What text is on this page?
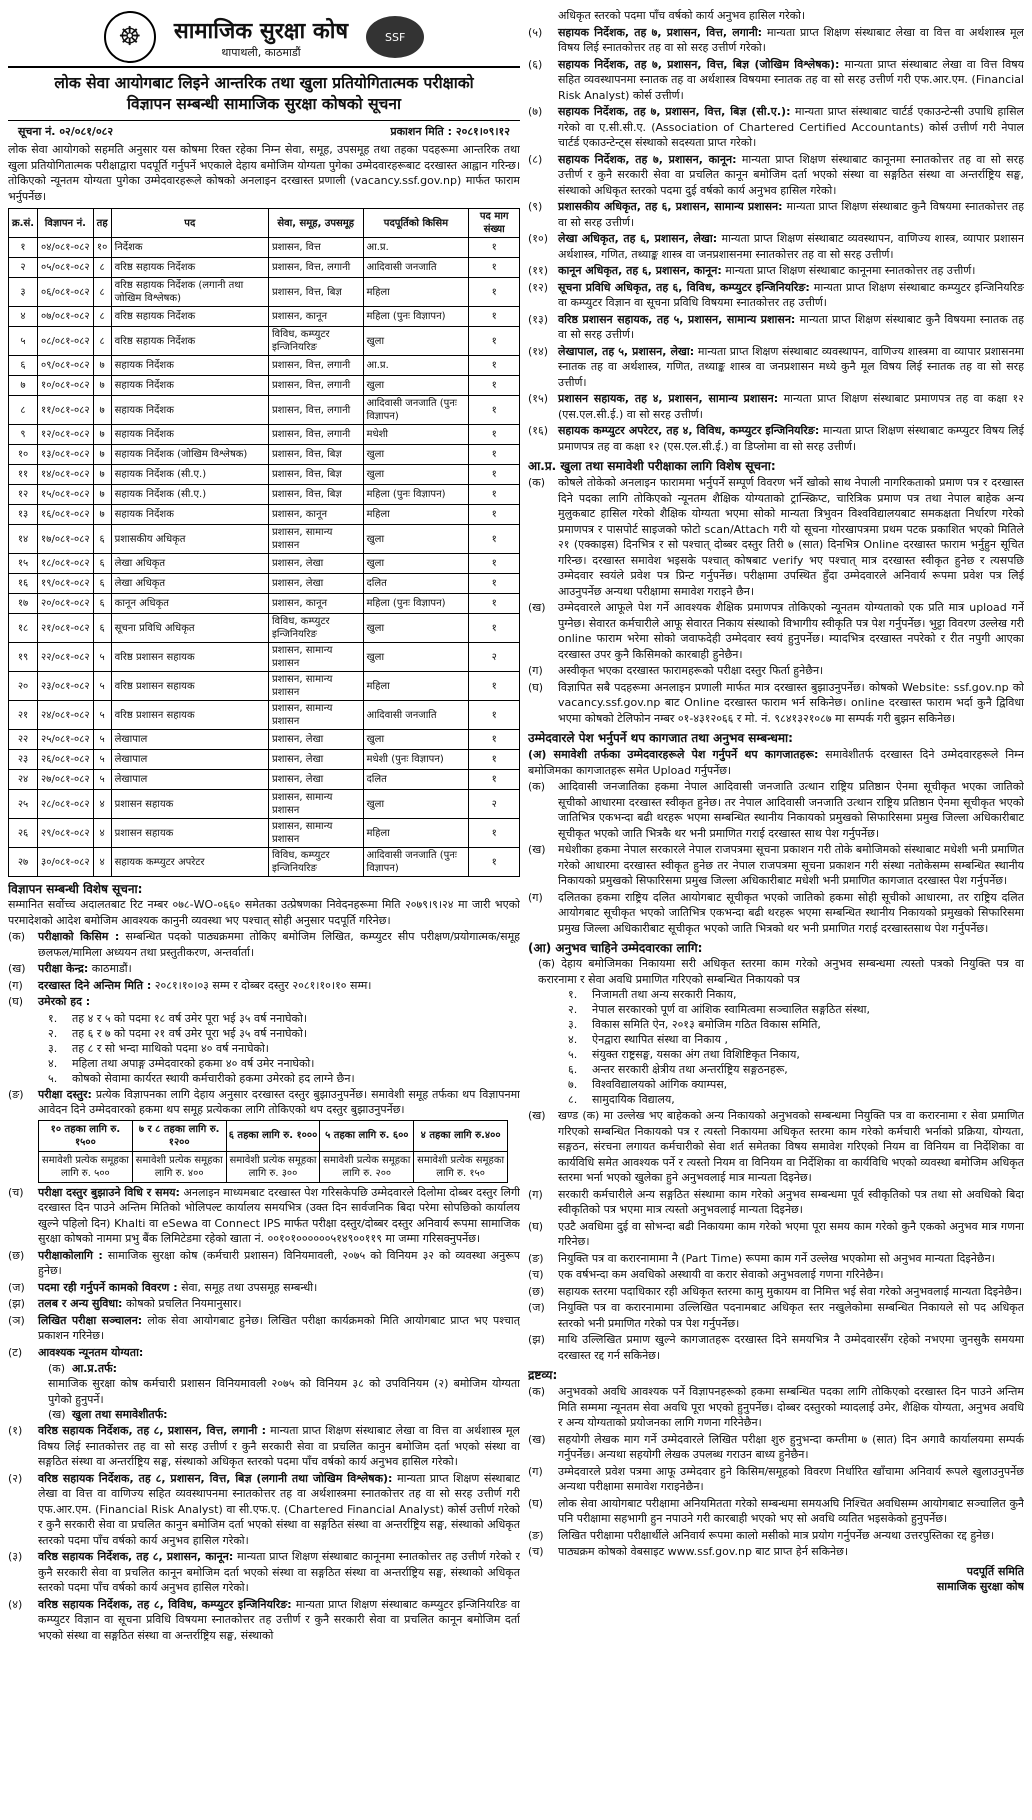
☸	सामाजिक सुरक्षा कोष
थापाथली, काठमाडौं
SSF
लोक सेवा आयोगबाट लिइने आन्तरिक तथा खुला प्रतियोगितात्मक परीक्षाको
विज्ञापन सम्बन्धी सामाजिक सुरक्षा कोषको सूचना
सूचना नं. ०२/०८१/०८२	प्रकाशन मिति : २०८१।०९।१२

लोक सेवा आयोगको सहमति अनुसार यस कोषमा रिक्त रहेका निम्न सेवा, समूह, उपसमूह तथा तहका पदहरूमा आन्तरिक तथा खुला प्रतियोगितात्मक परीक्षाद्वारा पदपूर्ति गर्नुपर्ने भएकाले देहाय बमोजिम योग्यता पुगेका उम्मेदवारहरूबाट दरखास्त आह्वान गरिन्छ। तोकिएको न्यूनतम योग्यता पुगेका उम्मेदवारहरूले कोषको अनलाइन दरखास्त प्रणाली (vacancy.ssf.gov.np) मार्फत फाराम भर्नुपर्नेछ।

क्र.सं.	विज्ञापन नं.	तह	पद	सेवा, समूह, उपसमूह	पदपूर्तिको किसिम	पद माग संख्या
१	०४/०८१-०८२	१०	निर्देशक	प्रशासन, वित्त	आ.प्र.	१
२	०५/०८१-०८२	८	वरिष्ठ सहायक निर्देशक	प्रशासन, वित्त, लगानी	आदिवासी जनजाति	१
३	०६/०८१-०८२	८	वरिष्ठ सहायक निर्देशक (लगानी तथा जोखिम विश्लेषक)	प्रशासन, वित्त, बिज्ञ	महिला	१
४	०७/०८१-०८२	८	वरिष्ठ सहायक निर्देशक	प्रशासन, कानून	महिला (पुनः विज्ञापन)	१
५	०८/०८१-०८२	८	वरिष्ठ सहायक निर्देशक	विविध, कम्प्युटर इन्जिनियरिङ	खुला	१
६	०९/०८१-०८२	७	सहायक निर्देशक	प्रशासन, वित्त, लगानी	आ.प्र.	१
७	१०/०८१-०८२	७	सहायक निर्देशक	प्रशासन, वित्त, लगानी	खुला	१
८	११/०८१-०८२	७	सहायक निर्देशक	प्रशासन, वित्त, लगानी	आदिवासी जनजाति (पुनः विज्ञापन)	१
९	१२/०८१-०८२	७	सहायक निर्देशक	प्रशासन, वित्त, लगानी	मधेशी	१
१०	१३/०८१-०८२	७	सहायक निर्देशक (जोखिम विश्लेषक)	प्रशासन, वित्त, बिज्ञ	खुला	१
११	१४/०८१-०८२	७	सहायक निर्देशक (सी.ए.)	प्रशासन, वित्त, बिज्ञ	खुला	१
१२	१५/०८१-०८२	७	सहायक निर्देशक (सी.ए.)	प्रशासन, वित्त, बिज्ञ	महिला (पुनः विज्ञापन)	१
१३	१६/०८१-०८२	७	सहायक निर्देशक	प्रशासन, कानून	महिला	१
१४	१७/०८१-०८२	६	प्रशासकीय अधिकृत	प्रशासन, सामान्य प्रशासन	खुला	१
१५	१८/०८१-०८२	६	लेखा अधिकृत	प्रशासन, लेखा	खुला	१
१६	१९/०८१-०८२	६	लेखा अधिकृत	प्रशासन, लेखा	दलित	१
१७	२०/०८१-०८२	६	कानून अधिकृत	प्रशासन, कानून	महिला (पुनः विज्ञापन)	१
१८	२१/०८१-०८२	६	सूचना प्रविधि अधिकृत	विविध, कम्प्युटर इन्जिनियरिङ	खुला	१
१९	२२/०८१-०८२	५	वरिष्ठ प्रशासन सहायक	प्रशासन, सामान्य प्रशासन	खुला	२
२०	२३/०८१-०८२	५	वरिष्ठ प्रशासन सहायक	प्रशासन, सामान्य प्रशासन	महिला	१
२१	२४/०८१-०८२	५	वरिष्ठ प्रशासन सहायक	प्रशासन, सामान्य प्रशासन	आदिवासी जनजाति	१
२२	२५/०८१-०८२	५	लेखापाल	प्रशासन, लेखा	खुला	१
२३	२६/०८१-०८२	५	लेखापाल	प्रशासन, लेखा	मधेशी (पुनः विज्ञापन)	१
२४	२७/०८१-०८२	५	लेखापाल	प्रशासन, लेखा	दलित	१
२५	२८/०८१-०८२	४	प्रशासन सहायक	प्रशासन, सामान्य प्रशासन	खुला	२
२६	२९/०८१-०८२	४	प्रशासन सहायक	प्रशासन, सामान्य प्रशासन	महिला	१
२७	३०/०८१-०८२	४	सहायक कम्प्युटर अपरेटर	विविध, कम्प्युटर इन्जिनियरिङ	आदिवासी जनजाति (पुनः विज्ञापन)	१
विज्ञापन सम्बन्धी विशेष सूचना:

सम्मानित सर्वोच्च अदालतबाट रिट नम्बर ०७८-WO-०६६० समेतका उत्प्रेषणका निवेदनहरूमा मिति २०७९।९।२४ मा जारी भएको परमादेशको आदेश बमोजिम आवश्यक कानुनी व्यवस्था भए पश्चात् सोही अनुसार पदपूर्ति गरिनेछ।

(क)	परीक्षाको किसिम : सम्बन्धित पदको पाठ्यक्रममा तोकिए बमोजिम लिखित, कम्प्युटर सीप परीक्षण/प्रयोगात्मक/समूह छलफल/मामिला अध्ययन तथा प्रस्तुतीकरण, अन्तर्वार्ता।
(ख)	परीक्षा केन्द्र: काठमाडौं।
(ग)	दरखास्त दिने अन्तिम मिति : २०८१।१०।०३ सम्म र दोब्बर दस्तुर २०८१।१०।१० सम्म।
(घ)	उमेरको हद :
१.	तह ४ र ५ को पदमा १८ वर्ष उमेर पूरा भई ३५ वर्ष ननाघेको।
२.	तह ६ र ७ को पदमा २१ वर्ष उमेर पूरा भई ३५ वर्ष ननाघेको।
३.	तह ८ र सो भन्दा माथिको पदमा ४० वर्ष ननाघेको।
४.	महिला तथा अपाङ्ग उम्मेदवारको हकमा ४० वर्ष उमेर ननाघेको।
५.	कोषको सेवामा कार्यरत स्थायी कर्मचारीको हकमा उमेरको हद लाग्ने छैन।
(ङ)	परीक्षा दस्तुर: प्रत्येक विज्ञापनका लागि देहाय अनुसार दरखास्त दस्तुर बुझाउनुपर्नेछ। समावेशी समूह तर्फका थप विज्ञापनमा आवेदन दिने उम्मेदवारको हकमा थप समूह प्रत्येकका लागि तोकिएको थप दस्तुर बुझाउनुपर्नेछ।
१० तहका लागि रु. १५००	७ र ८ तहका लागि रु. १२००	६ तहका लागि रु. १०००	५ तहका लागि रु. ६००	४ तहका लागि रु.४००
समावेशी प्रत्येक समूहका लागि रु. ५००	समावेशी प्रत्येक समूहका लागि रु. ४००	समावेशी प्रत्येक समूहका लागि रु. ३००	समावेशी प्रत्येक समूहका लागि रु. २००	समावेशी प्रत्येक समूहका लागि रु. १५०
(च)	परीक्षा दस्तुर बुझाउने विधि र समय: अनलाइन माध्यमबाट दरखास्त पेश गरिसकेपछि उम्मेदवारले दिलोमा दोब्बर दस्तुर लिगी दरखास्त दिन पाउने अन्तिम मितिको भोलिपल्ट कार्यालय समयभित्र (उक्त दिन सार्वजनिक बिदा परेमा सोपछिको कार्यालय खुल्ने पहिलो दिन) Khalti वा eSewa वा Connect IPS मार्फत परीक्षा दस्तुर/दोब्बर दस्तुर अनिवार्य रूपमा सामाजिक सुरक्षा कोषको नाममा प्रभु बैंक लिमिटेडमा रहेको खाता नं. ००१०१००००००५१४९००११९ मा जम्मा गरिसक्नुपर्नेछ।
(छ)	परीक्षाकोलागि : सामाजिक सुरक्षा कोष (कर्मचारी प्रशासन) विनियमावली, २०७५ को विनियम ३२ को व्यवस्था अनुरूप हुनेछ।
(ज)	पदमा रही गर्नुपर्ने कामको विवरण : सेवा, समूह तथा उपसमूह सम्बन्धी।
(झ)	तलब र अन्य सुविधा: कोषको प्रचलित नियमानुसार।
(ञ)	लिखित परीक्षा सञ्चालन: लोक सेवा आयोगबाट हुनेछ। लिखित परीक्षा कार्यक्रमको मिति आयोगबाट प्राप्त भए पश्चात् प्रकाशन गरिनेछ।
(ट)	आवश्यक न्यूनतम योग्यता:
(क) आ.प्र.तर्फ:

सामाजिक सुरक्षा कोष कर्मचारी प्रशासन विनियमावली २०७५ को विनियम ३८ को उपविनियम (२) बमोजिम योग्यता पुगेको हुनुपर्ने।

(ख) खुला तथा समावेशीतर्फ:
(१)	वरिष्ठ सहायक निर्देशक, तह ८, प्रशासन, वित्त, लगानी : मान्यता प्राप्त शिक्षण संस्थाबाट लेखा वा वित्त वा अर्थशास्त्र मूल विषय लिई स्नातकोत्तर तह वा सो सरह उत्तीर्ण र कुनै सरकारी सेवा वा प्रचलित कानुन बमोजिम दर्ता भएको संस्था वा सङ्गठित संस्था वा अन्तर्राष्ट्रिय सङ्घ, संस्थाको अधिकृत स्तरको पदमा पाँच वर्षको कार्य अनुभव हासिल गरेको।
(२)	वरिष्ठ सहायक निर्देशक, तह ८, प्रशासन, वित्त, बिज्ञ (लगानी तथा जोखिम विश्लेषक): मान्यता प्राप्त शिक्षण संस्थाबाट लेखा वा वित्त वा वाणिज्य सहित व्यवस्थापनमा स्नातकोत्तर तह वा अर्थशास्त्रमा स्नातकोत्तर तह वा सो सरह उत्तीर्ण गरी एफ.आर.एम. (Financial Risk Analyst) वा सी.एफ.ए. (Chartered Financial Analyst) कोर्स उत्तीर्ण गरेको र कुनै सरकारी सेवा वा प्रचलित कानुन बमोजिम दर्ता भएको संस्था वा सङ्गठित संस्था वा अन्तर्राष्ट्रिय सङ्घ, संस्थाको अधिकृत स्तरको पदमा पाँच वर्षको कार्य अनुभव हासिल गरेको।
(३)	वरिष्ठ सहायक निर्देशक, तह ८, प्रशासन, कानून: मान्यता प्राप्त शिक्षण संस्थाबाट कानूनमा स्नातकोत्तर तह उत्तीर्ण गरेको र कुनै सरकारी सेवा वा प्रचलित कानून बमोजिम दर्ता भएको संस्था वा सङ्गठित संस्था वा अन्तर्राष्ट्रिय सङ्घ, संस्थाको अधिकृत स्तरको पदमा पाँच वर्षको कार्य अनुभव हासिल गरेको।
(४)	वरिष्ठ सहायक निर्देशक, तह ८, विविध, कम्प्युटर इन्जिनियरिङ: मान्यता प्राप्त शिक्षण संस्थाबाट कम्प्युटर इन्जिनियरिङ वा कम्प्युटर विज्ञान वा सूचना प्रविधि विषयमा स्नातकोत्तर तह उत्तीर्ण र कुनै सरकारी सेवा वा प्रचलित कानून बमोजिम दर्ता भएको संस्था वा सङ्गठित संस्था वा अन्तर्राष्ट्रिय सङ्घ, संस्थाको

अधिकृत स्तरको पदमा पाँच वर्षको कार्य अनुभव हासिल गरेको।

(५)	सहायक निर्देशक, तह ७, प्रशासन, वित्त, लगानी: मान्यता प्राप्त शिक्षण संस्थाबाट लेखा वा वित्त वा अर्थशास्त्र मूल विषय लिई स्नातकोत्तर तह वा सो सरह उत्तीर्ण गरेको।
(६)	सहायक निर्देशक, तह ७, प्रशासन, वित्त, बिज्ञ (जोखिम विश्लेषक): मान्यता प्राप्त संस्थाबाट लेखा वा वित्त विषय सहित व्यवस्थापनमा स्नातक तह वा अर्थशास्त्र विषयमा स्नातक तह वा सो सरह उत्तीर्ण गरी एफ.आर.एम. (Financial Risk Analyst) कोर्स उत्तीर्ण।
(७)	सहायक निर्देशक, तह ७, प्रशासन, वित्त, बिज्ञ (सी.ए.): मान्यता प्राप्त संस्थाबाट चार्टर्ड एकाउन्टेन्सी उपाधि हासिल गरेको वा ए.सी.सी.ए. (Association of Chartered Certified Accountants) कोर्स उत्तीर्ण गरी नेपाल चार्टर्ड एकाउन्टेन्ट्स संस्थाको सदस्यता प्राप्त गरेको।
(८)	सहायक निर्देशक, तह ७, प्रशासन, कानून: मान्यता प्राप्त शिक्षण संस्थाबाट कानूनमा स्नातकोत्तर तह वा सो सरह उत्तीर्ण र कुनै सरकारी सेवा वा प्रचलित कानून बमोजिम दर्ता भएको संस्था वा सङ्गठित संस्था वा अन्तर्राष्ट्रिय सङ्घ, संस्थाको अधिकृत स्तरको पदमा दुई वर्षको कार्य अनुभव हासिल गरेको।
(९)	प्रशासकीय अधिकृत, तह ६, प्रशासन, सामान्य प्रशासन: मान्यता प्राप्त शिक्षण संस्थाबाट कुनै विषयमा स्नातकोत्तर तह वा सो सरह उत्तीर्ण।
(१०) लेखा अधिकृत, तह ६, प्रशासन, लेखा: मान्यता प्राप्त शिक्षण संस्थाबाट व्यवस्थापन, वाणिज्य शास्त्र, व्यापार प्रशासन अर्थशास्त्र, गणित, तथ्याङ्क शास्त्र वा जनप्रशासनमा स्नातकोत्तर तह वा सो सरह उत्तीर्ण।
(११) कानून अधिकृत, तह ६, प्रशासन, कानून: मान्यता प्राप्त शिक्षण संस्थाबाट कानूनमा स्नातकोत्तर तह उत्तीर्ण।
(१२) सूचना प्रविधि अधिकृत, तह ६, विविध, कम्प्युटर इन्जिनियरिङ: मान्यता प्राप्त शिक्षण संस्थाबाट कम्प्युटर इन्जिनियरिङ वा कम्प्युटर विज्ञान वा सूचना प्रविधि विषयमा स्नातकोत्तर तह उत्तीर्ण।
(१३) वरिष्ठ प्रशासन सहायक, तह ५, प्रशासन, सामान्य प्रशासन: मान्यता प्राप्त शिक्षण संस्थाबाट कुनै विषयमा स्नातक तह वा सो सरह उत्तीर्ण।
(१४) लेखापाल, तह ५, प्रशासन, लेखा: मान्यता प्राप्त शिक्षण संस्थाबाट व्यवस्थापन, वाणिज्य शास्त्रमा वा व्यापार प्रशासनमा स्नातक तह वा अर्थशास्त्र, गणित, तथ्याङ्क शास्त्र वा जनप्रशासन मध्ये कुनै मूल विषय लिई स्नातक तह वा सो सरह उत्तीर्ण।
(१५) प्रशासन सहायक, तह ४, प्रशासन, सामान्य प्रशासन: मान्यता प्राप्त शिक्षण संस्थाबाट प्रमाणपत्र तह वा कक्षा १२ (एस.एल.सी.ई.) वा सो सरह उत्तीर्ण।
(१६) सहायक कम्प्युटर अपरेटर, तह ४, विविध, कम्प्युटर इन्जिनियरिङ: मान्यता प्राप्त शिक्षण संस्थाबाट कम्प्युटर विषय लिई प्रमाणपत्र तह वा कक्षा १२ (एस.एल.सी.ई.) वा डिप्लोमा वा सो सरह उत्तीर्ण।
आ.प्र. खुला तथा समावेशी परीक्षाका लागि विशेष सूचना:
(क)	कोषले तोकेको अनलाइन फाराममा भर्नुपर्ने सम्पूर्ण विवरण भर्ने खोको साथ नेपाली नागरिकताको प्रमाण पत्र र दरखास्त दिने पदका लागि तोकिएको न्यूनतम शैक्षिक योग्यताको ट्रान्स्क्रिप्ट, चारित्रिक प्रमाण पत्र तथा नेपाल बाहेक अन्य मुलुकबाट हासिल गरेको शैक्षिक योग्यता भएमा सोको मान्यता त्रिभुवन विश्वविद्यालयबाट समकक्षता निर्धारण गरेको प्रमाणपत्र र पासपोर्ट साइजको फोटो scan/Attach गरी यो सूचना गोरखापत्रमा प्रथम पटक प्रकाशित भएको मितिले २१ (एक्काइस) दिनभित्र र सो पश्चात् दोब्बर दस्तुर तिरी ७ (सात) दिनभित्र Online दरखास्त फाराम भर्नुहुन सूचित गरिन्छ। दरखास्त समावेश भइसके पश्चात् कोषबाट verify भए पश्चात् मात्र दरखास्त स्वीकृत हुनेछ र त्यसपछि उम्मेदवार स्वयंले प्रवेश पत्र प्रिन्ट गर्नुपर्नेछ। परीक्षामा उपस्थित हुँदा उम्मेदवारले अनिवार्य रूपमा प्रवेश पत्र लिई आउनुपर्नेछ अन्यथा परीक्षामा समावेश गराइने छैन।
(ख)	उम्मेदवारले आफूले पेश गर्ने आवश्यक शैक्षिक प्रमाणपत्र तोकिएको न्यूनतम योग्यताको एक प्रति मात्र upload गर्ने पुग्नेछ। सेवारत कर्मचारीले आफू सेवारत निकाय संस्थाको विभागीय स्वीकृति पत्र पेश गर्नुपर्नेछ। भुट्टा विवरण उल्लेख गरी online फाराम भरेमा सोको जवाफदेही उम्मेदवार स्वयं हुनुपर्नेछ। म्यादभित्र दरखास्त नपरेको र रीत नपुगी आएका दरखास्त उपर कुनै किसिमको कारबाही हुनेछैन।
(ग)	अस्वीकृत भएका दरखास्त फारामहरूको परीक्षा दस्तुर फिर्ता हुनेछैन।
(घ)	विज्ञापित सबै पदहरूमा अनलाइन प्रणाली मार्फत मात्र दरखास्त बुझाउनुपर्नेछ। कोषको Website: ssf.gov.np को vacancy.ssf.gov.np बाट Online दरखास्त फाराम भर्न सकिनेछ। online दरखास्त फाराम भर्दा कुनै द्विविधा भएमा कोषको टेलिफोन नम्बर ०१-४३१२०६६ र मो. नं. ९८४१३२१०८७ मा सम्पर्क गरी बुझन सकिनेछ।
उम्मेदवारले पेश भर्नुपर्ने थप कागजात तथा अनुभव सम्बन्धमा:
(अ) समावेशी तर्फका उम्मेदवारहरूले पेश गर्नुपर्ने थप कागजातहरू: समावेशीतर्फ दरखास्त दिने उम्मेदवारहरूले निम्न बमोजिमका कागजातहरू समेत Upload गर्नुपर्नेछ।
(क)	आदिवासी जनजातिका हकमा नेपाल आदिवासी जनजाति उत्थान राष्ट्रिय प्रतिष्ठान ऐनमा सूचीकृत भएका जातिको सूचीको आधारमा दरखास्त स्वीकृत हुनेछ। तर नेपाल आदिवासी जनजाति उत्थान राष्ट्रिय प्रतिष्ठान ऐनमा सूचीकृत भएको जातिभित्र एकभन्दा बढी थरहरू भएमा सम्बन्धित स्थानीय निकायको प्रमुखको सिफारिसमा प्रमुख जिल्ला अधिकारीबाट सूचीकृत भएको जाति भित्रकै थर भनी प्रमाणित गराई दरखास्त साथ पेश गर्नुपर्नेछ।
(ख)	मधेशीका हकमा नेपाल सरकारले नेपाल राजपत्रमा सूचना प्रकाशन गरी तोके बमोजिमको संस्थाबाट मधेशी भनी प्रमाणित गरेको आधारमा दरखास्त स्वीकृत हुनेछ तर नेपाल राजपत्रमा सूचना प्रकाशन गरी संस्था नतोकेसम्म सम्बन्धित स्थानीय निकायको प्रमुखको सिफारिसमा प्रमुख जिल्ला अधिकारीबाट मधेशी भनी प्रमाणित कागजात दरखास्त पेश गर्नुपर्नेछ।
(ग)	दलितका हकमा राष्ट्रिय दलित आयोगबाट सूचीकृत भएको जातिको हकमा सोही सूचीको आधारमा, तर राष्ट्रिय दलित आयोगबाट सूचीकृत भएको जातिभित्र एकभन्दा बढी थरहरू भएमा सम्बन्धित स्थानीय निकायको प्रमुखको सिफारिसमा प्रमुख जिल्ला अधिकारीबाट सूचीकृत भएको जाति भित्रको थर भनी प्रमाणित गराई दरखास्तसाथ पेश गर्नुपर्नेछ।
(आ) अनुभव चाहिने उम्मेदवारका लागि:

(क) देहाय बमोजिमका निकायमा सरी अधिकृत स्तरमा काम गरेको अनुभव सम्बन्धमा त्यस्तो पत्रको नियुक्ति पत्र वा करारनामा र सेवा अवधि प्रमाणित गरिएको सम्बन्धित निकायको पत्र

१.	निजामती तथा अन्य सरकारी निकाय,
२.	नेपाल सरकारको पूर्ण वा आंशिक स्वामित्वमा सञ्चालित सङ्गठित संस्था,
३.	विकास समिति ऐन, २०१३ बमोजिम गठित विकास समिति,
४.	ऐनद्वारा स्थापित संस्था वा निकाय ,
५.	संयुक्त राष्ट्रसङ्घ, यसका अंग तथा विशिष्टिकृत निकाय,
६.	अन्तर सरकारी क्षेत्रीय तथा अन्तर्राष्ट्रिय सङ्गठनहरू,
७.	विश्वविद्यालयको आंगिक क्याम्पस,
८.	सामुदायिक विद्यालय,
(ख)	खण्ड (क) मा उल्लेख भए बाहेकको अन्य निकायको अनुभवको सम्बन्धमा नियुक्ति पत्र वा करारनामा र सेवा प्रमाणित गरिएको सम्बन्धित निकायको पत्र र त्यस्तो निकायमा अधिकृत स्तरमा काम गरेको कर्मचारी भर्नाको प्रक्रिया, योग्यता, सङ्गठन, संरचना लगायत कर्मचारीको सेवा शर्त समेतका विषय समावेश गरिएको नियम वा विनियम वा निर्देशिका वा कार्यविधि समेत आवश्यक पर्ने र त्यस्तो नियम वा विनियम वा निर्देशिका वा कार्यविधि भएको व्यवस्था बमोजिम अधिकृत स्तरमा भर्ना भएको खुलेका हुने अनुभवलाई मात्र मान्यता दिइनेछ।
(ग)	सरकारी कर्मचारीले अन्य सङ्गठित संस्थामा काम गरेको अनुभव सम्बन्धमा पूर्व स्वीकृतिको पत्र तथा सो अवधिको बिदा स्वीकृतिको पत्र भएमा मात्र त्यस्तो अनुभवलाई मान्यता दिइनेछ।
(घ)	एउटै अवधिमा दुई वा सोभन्दा बढी निकायमा काम गरेको भएमा पूरा समय काम गरेको कुनै एकको अनुभव मात्र गणना गरिनेछ।
(ङ)	नियुक्ति पत्र वा करारनामामा नै (Part Time) रूपमा काम गर्ने उल्लेख भएकोमा सो अनुभव मान्यता दिइनेछैन।
(च)	एक वर्षभन्दा कम अवधिको अस्थायी वा करार सेवाको अनुभवलाई गणना गरिनेछैन।
(छ)	सहायक स्तरमा पदाधिकार रही अधिकृत स्तरमा कामु मुकायम वा निमित्त भई सेवा गरेको अनुभवलाई मान्यता दिइनेछैन।
(ज)	नियुक्ति पत्र वा करारनामामा उल्लिखित पदनामबाट अधिकृत स्तर नखुलेकोमा सम्बन्धित निकायले सो पद अधिकृत स्तरको भनी प्रमाणित गरेको पत्र पेश गर्नुपर्नेछ।
(झ)	माथि उल्लिखित प्रमाण खुल्ने कागजातहरू दरखास्त दिने समयभित्र नै उम्मेदवारसँग रहेको नभएमा जुनसुकै समयमा दरखास्त रद्द गर्न सकिनेछ।
द्रष्टव्य:
(क)	अनुभवको अवधि आवश्यक पर्ने विज्ञापनहरूको हकमा सम्बन्धित पदका लागि तोकिएको दरखास्त दिन पाउने अन्तिम मिति सम्ममा न्यूनतम सेवा अवधि पूरा भएको हुनुपर्नेछ। दोब्बर दस्तुरको म्यादलाई उमेर, शैक्षिक योग्यता, अनुभव अवधि र अन्य योग्यताको प्रयोजनका लागि गणना गरिनेछैन।
(ख)	सहयोगी लेखक माग गर्ने उम्मेदवारले लिखित परीक्षा शुरु हुनुभन्दा कम्तीमा ७ (सात) दिन अगावै कार्यालयमा सम्पर्क गर्नुपर्नेछ। अन्यथा सहयोगी लेखक उपलब्ध गराउन बाध्य हुनेछैन।
(ग)	उम्मेदवारले प्रवेश पत्रमा आफू उम्मेदवार हुने किसिम/समूहको विवरण निर्धारित खाँचामा अनिवार्य रूपले खुलाउनुपर्नेछ अन्यथा परीक्षामा समावेश गराइनेछैन।
(घ)	लोक सेवा आयोगबाट परीक्षामा अनियमितता गरेको सम्बन्धमा समयअघि निश्चित अवधिसम्म आयोगबाट सञ्चालित कुनै पनि परीक्षामा सहभागी हुन नपाउने गरी कारबाही भएको भए सो अवधि व्यतित भइसकेको हुनुपर्नेछ।
(ङ)	लिखित परीक्षामा परीक्षार्थीले अनिवार्य रूपमा कालो मसीको मात्र प्रयोग गर्नुपर्नेछ अन्यथा उत्तरपुस्तिका रद्द हुनेछ।
(च)	पाठ्यक्रम कोषको वेबसाइट www.ssf.gov.np बाट प्राप्त हेर्न सकिनेछ।
पदपूर्ति समिति
सामाजिक सुरक्षा कोष
